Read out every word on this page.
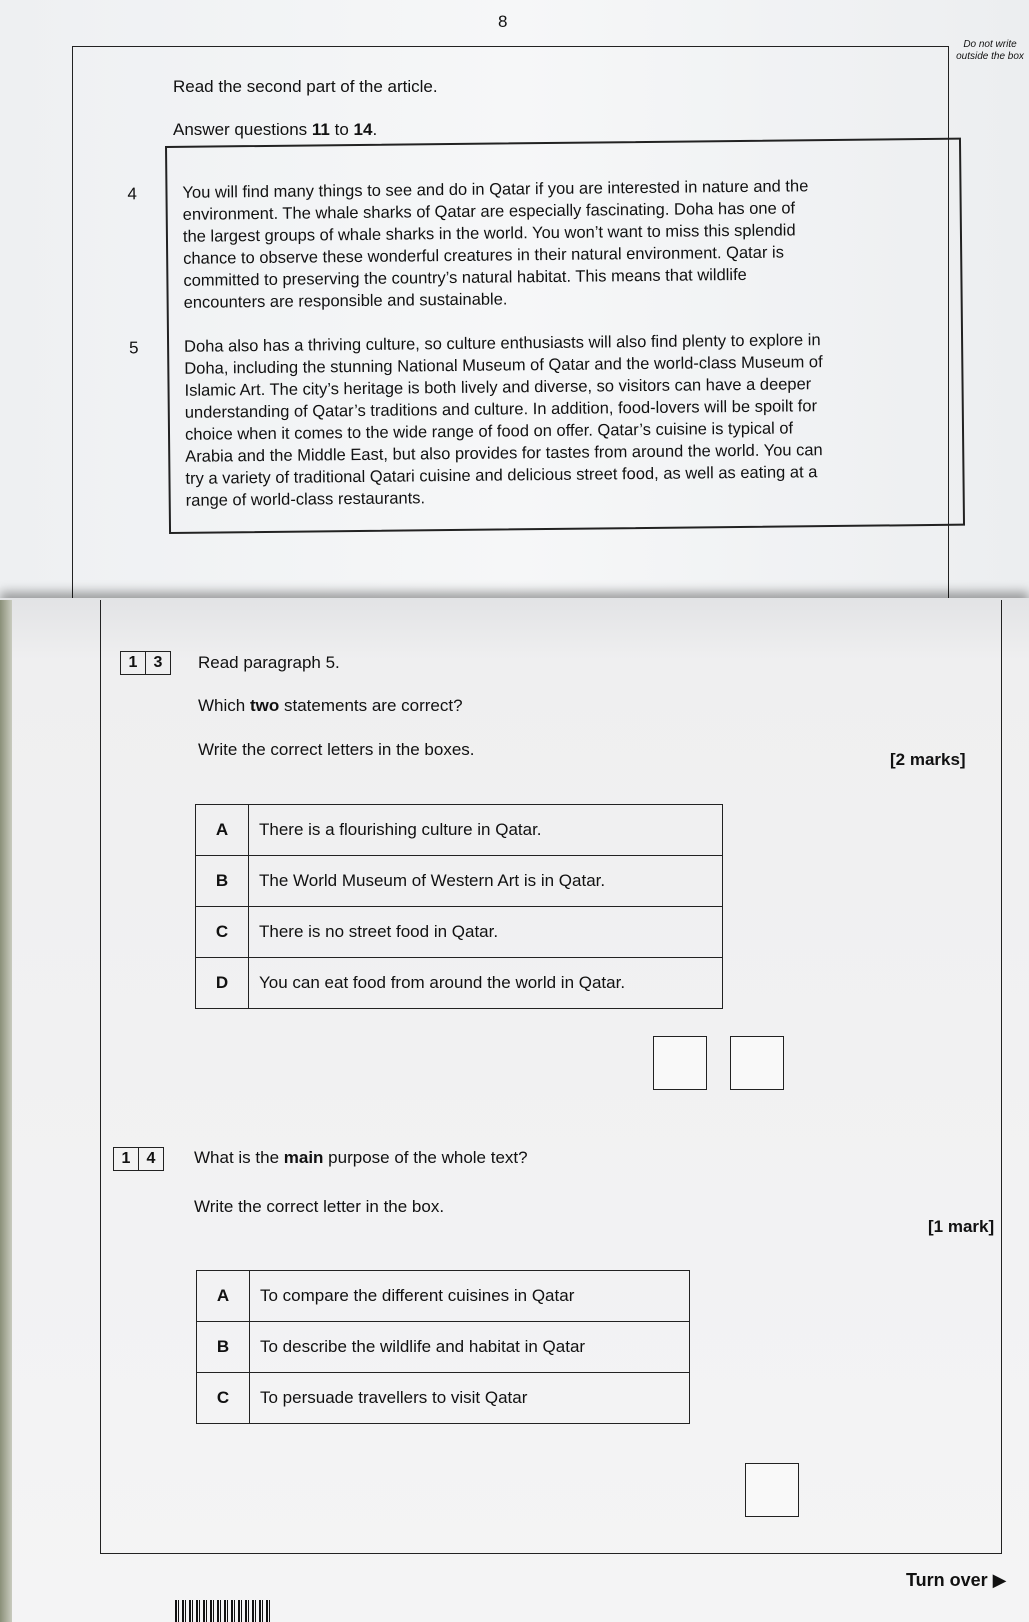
8
Do not write outside the box
Read the second part of the article.
Answer questions 11 to 14.
4	You will find many things to see and do in Qatar if you are interested in nature and the
environment. The whale sharks of Qatar are especially fascinating. Doha has one of
the largest groups of whale sharks in the world. You won’t want to miss this splendid
chance to observe these wonderful creatures in their natural environment. Qatar is
committed to preserving the country’s natural habitat. This means that wildlife
encounters are responsible and sustainable.
5	Doha also has a thriving culture, so culture enthusiasts will also find plenty to explore in
Doha, including the stunning National Museum of Qatar and the world-class Museum of
Islamic Art. The city’s heritage is both lively and diverse, so visitors can have a deeper
understanding of Qatar’s traditions and culture. In addition, food-lovers will be spoilt for
choice when it comes to the wide range of food on offer. Qatar’s cuisine is typical of
Arabia and the Middle East, but also provides for tastes from around the world. You can
try a variety of traditional Qatari cuisine and delicious street food, as well as eating at a
range of world-class restaurants.
1	3	Read paragraph 5.
Which two statements are correct?
Write the correct letters in the boxes.
[2 marks]
A	There is a flourishing culture in Qatar.
B	The World Museum of Western Art is in Qatar.
C	There is no street food in Qatar.
D	You can eat food from around the world in Qatar.
1	4	What is the main purpose of the whole text?
Write the correct letter in the box.
[1 mark]
A	To compare the different cuisines in Qatar
B	To describe the wildlife and habitat in Qatar
C	To persuade travellers to visit Qatar
Turn over ▶
